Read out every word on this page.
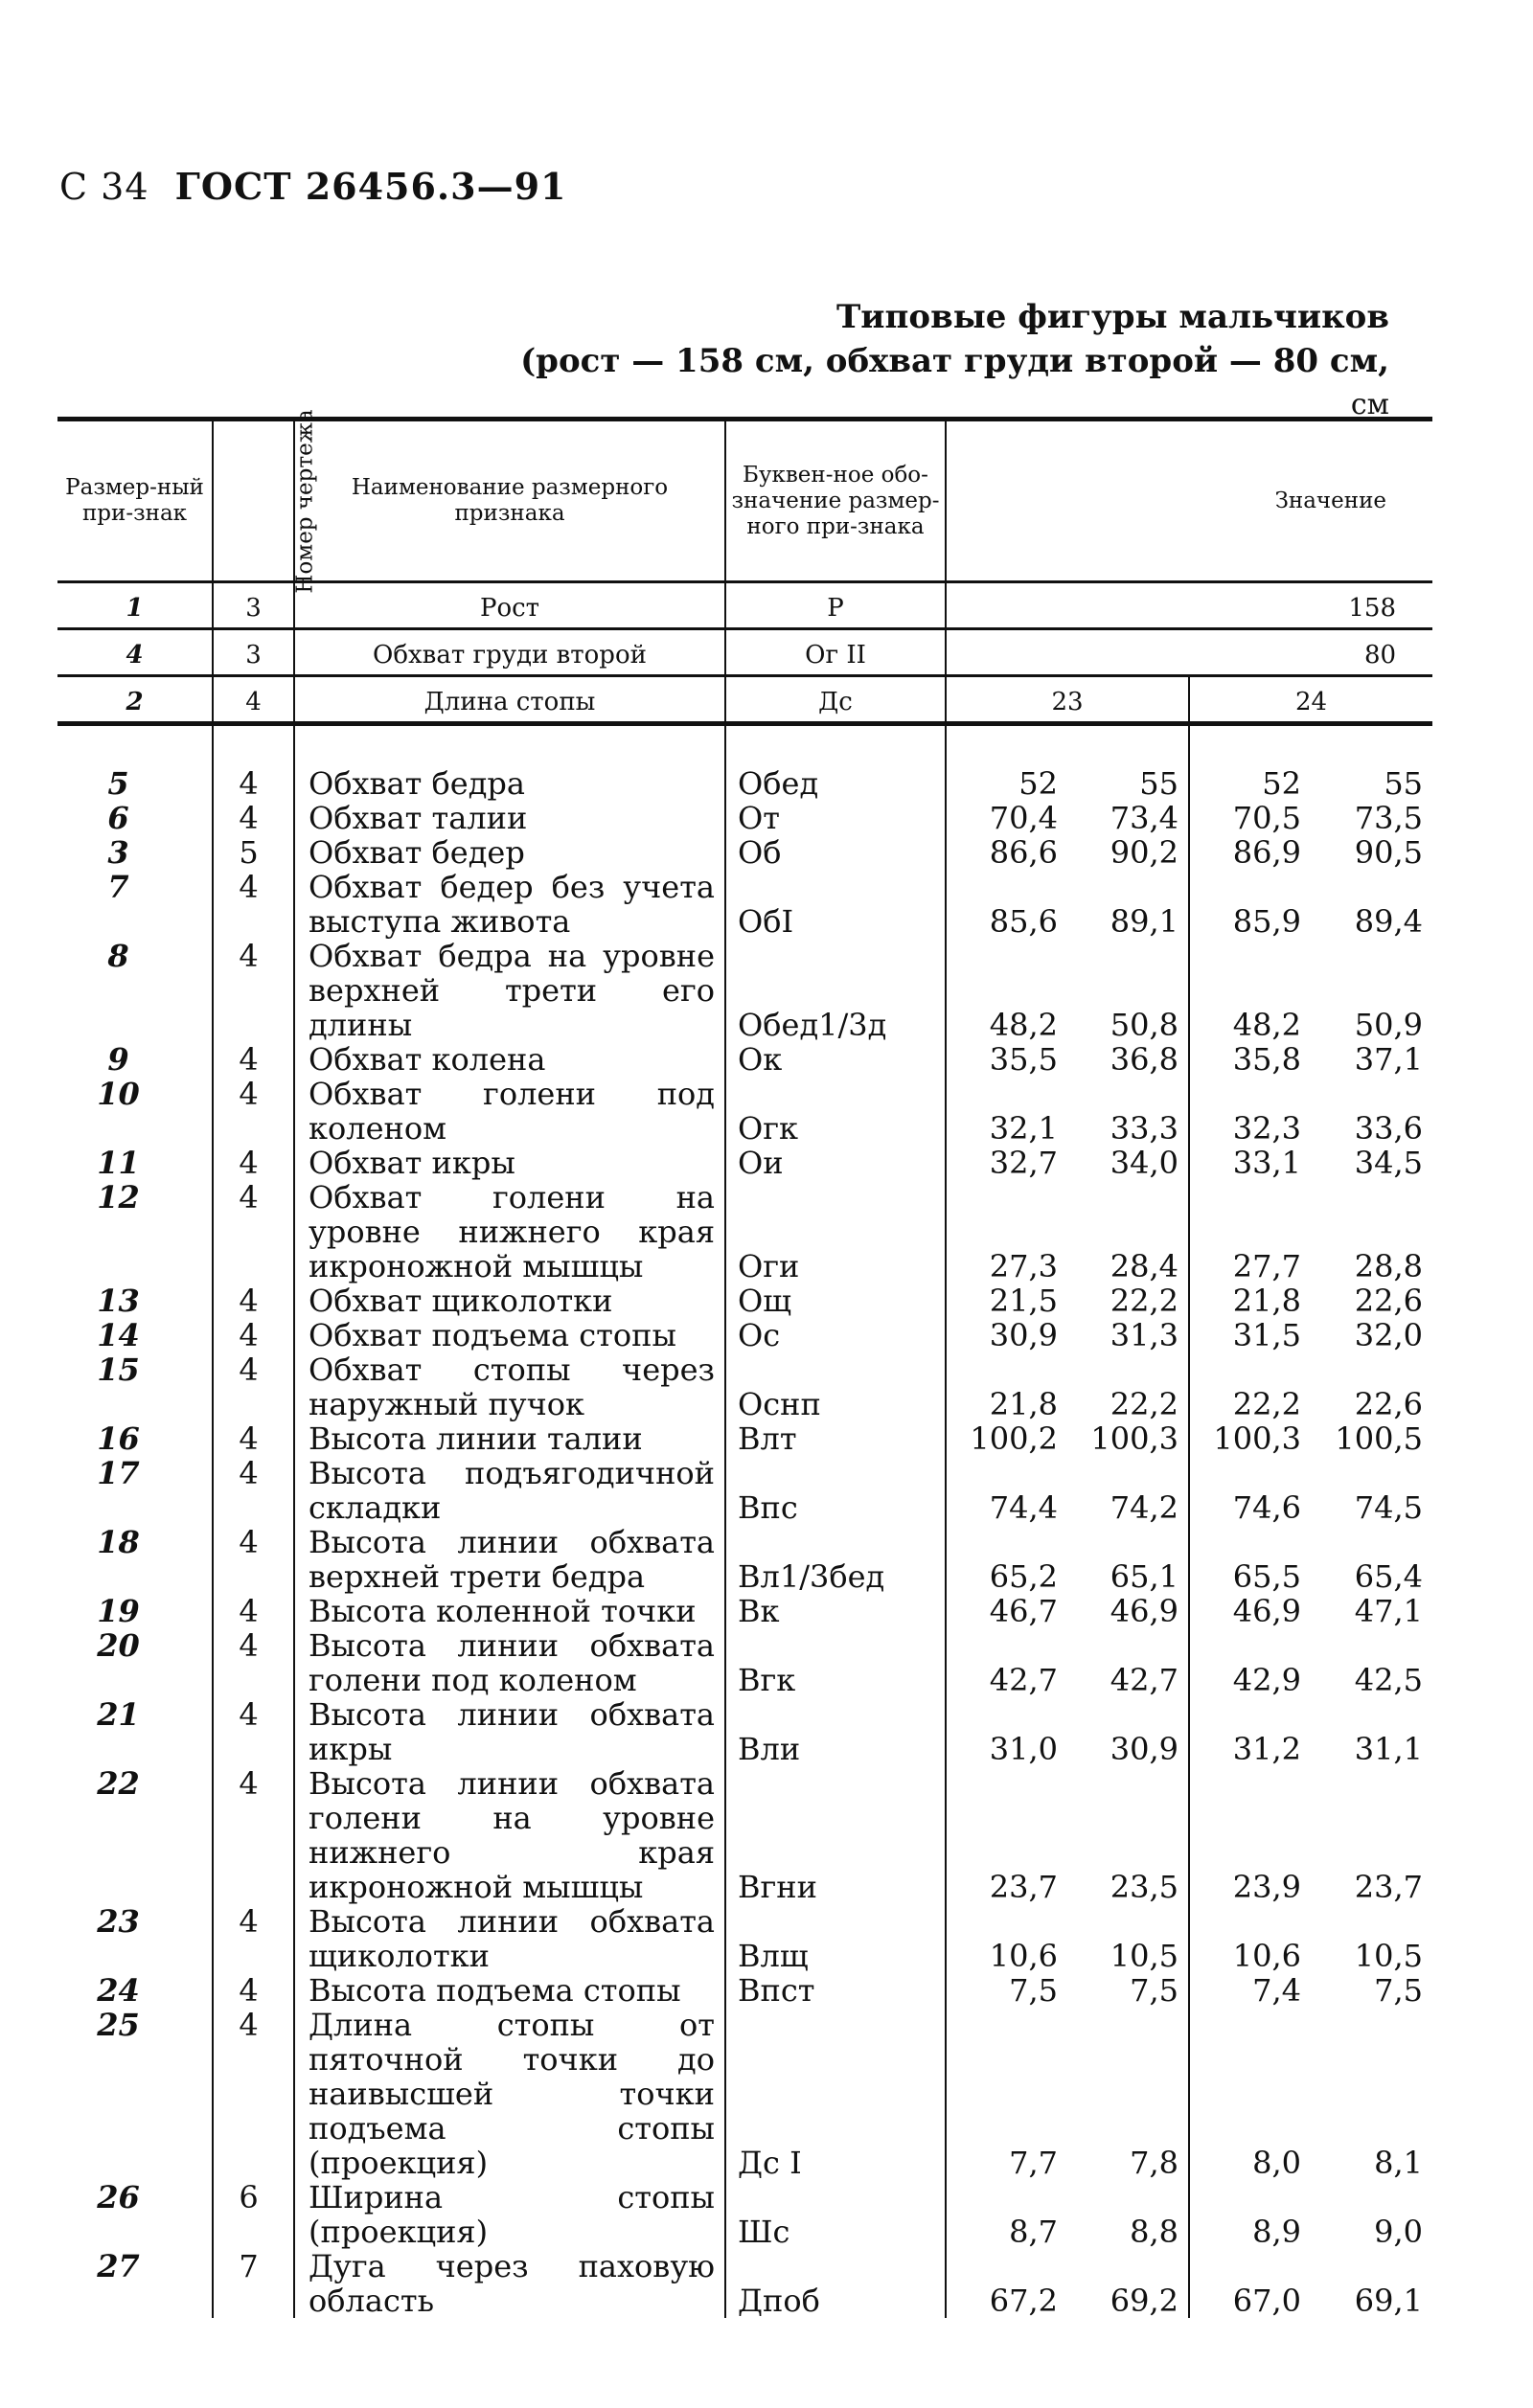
С 34 ГОСТ 26456.3—91
Типовые фигуры мальчиков
(рост — 158 см, обхват груди второй — 80 см,
см
Размер-ный при-знак	Номер чертежа	Наименование размерного признака	Буквен-ное обо-значение размер-ного при-знака	Значение			
1	3	Рост	Р	158			
4	3	Обхват груди второй	Ог II	80			
2	4	Длина стопы	Дс	23		24	
5	4	Обхват бедра	Обед	52	55	52	55
6	4	Обхват талии	От	70,4	73,4	70,5	73,5
3	5	Обхват бедер	Об	86,6	90,2	86,9	90,5
7	4	Обхват бедер без учета выступа живота	ОбI	85,6	89,1	85,9	89,4
8	4	Обхват бедра на уровне верхней трети его длины	Обед1/3д	48,2	50,8	48,2	50,9
9	4	Обхват колена	Ок	35,5	36,8	35,8	37,1
10	4	Обхват голени под коленом	Огк	32,1	33,3	32,3	33,6
11	4	Обхват икры	Ои	32,7	34,0	33,1	34,5
12	4	Обхват голени на уровне нижнего края икроножной мышцы	Оги	27,3	28,4	27,7	28,8
13	4	Обхват щиколотки	Ощ	21,5	22,2	21,8	22,6
14	4	Обхват подъема стопы	Ос	30,9	31,3	31,5	32,0
15	4	Обхват стопы через наружный пучок	Оснп	21,8	22,2	22,2	22,6
16	4	Высота линии талии	Влт	100,2	100,3	100,3	100,5
17	4	Высота подъягодичной складки	Впс	74,4	74,2	74,6	74,5
18	4	Высота линии обхвата верхней трети бедра	Вл1/3бед	65,2	65,1	65,5	65,4
19	4	Высота коленной точки	Вк	46,7	46,9	46,9	47,1
20	4	Высота линии обхвата голени под коленом	Вгк	42,7	42,7	42,9	42,5
21	4	Высота линии обхвата икры	Вли	31,0	30,9	31,2	31,1
22	4	Высота линии обхвата голени на уровне нижнего края икроножной мышцы	Вгни	23,7	23,5	23,9	23,7
23	4	Высота линии обхвата щиколотки	Влщ	10,6	10,5	10,6	10,5
24	4	Высота подъема стопы	Впст	7,5	7,5	7,4	7,5
25	4	Длина стопы от пяточной точки до наивысшей точки подъема стопы (проекция)	Дс I	7,7	7,8	8,0	8,1
26	6	Ширина стопы (проекция)	Шс	8,7	8,8	8,9	9,0
27	7	Дуга через паховую область	Дпоб	67,2	69,2	67,0	69,1
